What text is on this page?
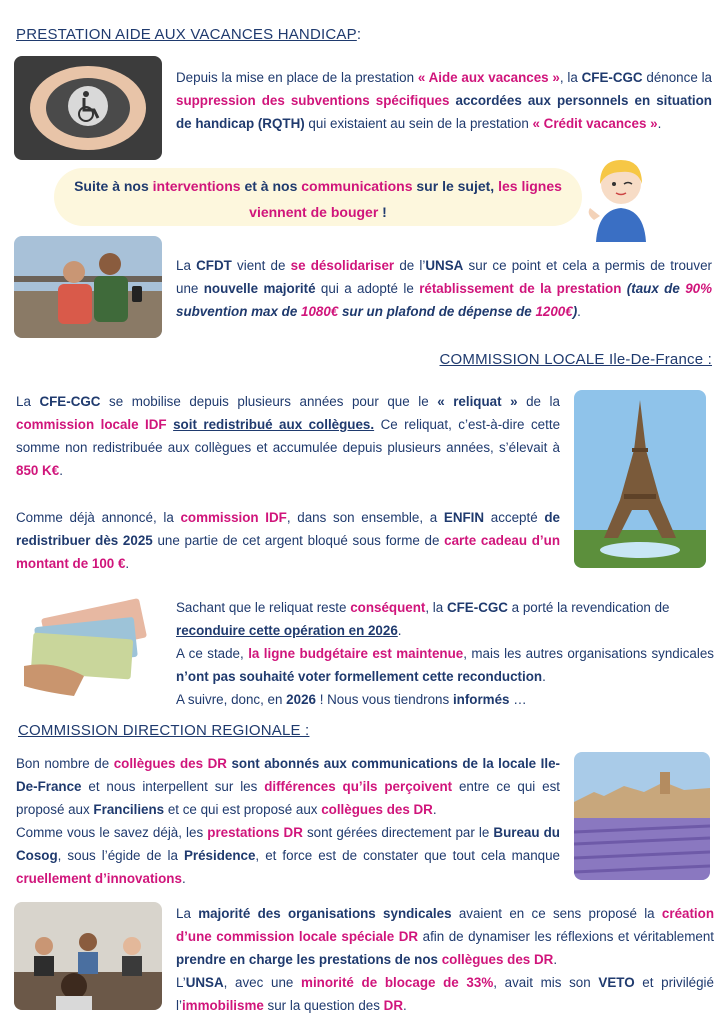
PRESTATION AIDE AUX VACANCES HANDICAP:
Depuis la mise en place de la prestation « Aide aux vacances », la CFE-CGC dénonce la suppression des subventions spécifiques accordées aux personnels en situation de handicap (RQTH) qui existaient au sein de la prestation « Crédit vacances ».
Suite à nos interventions et à nos communications sur le sujet, les lignes viennent de bouger !
La CFDT vient de se désolidariser de l’UNSA sur ce point et cela a permis de trouver une nouvelle majorité qui a adopté le rétablissement de la prestation (taux de 90% subvention max de 1080€ sur un plafond de dépense de 1200€).
COMMISSION LOCALE Ile-De-France :
La CFE-CGC se mobilise depuis plusieurs années pour que le « reliquat » de la commission locale IDF soit redistribué aux collègues. Ce reliquat, c’est-à-dire cette somme non redistribuée aux collègues et accumulée depuis plusieurs années, s’élevait à 850 K€.
Comme déjà annoncé, la commission IDF, dans son ensemble, a ENFIN accepté de redistribuer dès 2025 une partie de cet argent bloqué sous forme de carte cadeau d’un montant de 100 €.
Sachant que le reliquat reste conséquent, la CFE-CGC a porté la revendication de
reconduire cette opération en 2026.
A ce stade, la ligne budgétaire est maintenue, mais les autres organisations syndicales n’ont pas souhaité voter formellement cette reconduction.
A suivre, donc, en 2026 ! Nous vous tiendrons informés …
COMMISSION DIRECTION REGIONALE :
Bon nombre de collègues des DR sont abonnés aux communications de la locale Ile-De-France et nous interpellent sur les différences qu’ils perçoivent entre ce qui est proposé aux Franciliens et ce qui est proposé aux collègues des DR.
Comme vous le savez déjà, les prestations DR sont gérées directement par le Bureau du Cosog, sous l’égide de la Présidence, et force est de constater que tout cela manque cruellement d’innovations.
La majorité des organisations syndicales avaient en ce sens proposé la création d’une commission locale spéciale DR afin de dynamiser les réflexions et véritablement prendre en charge les prestations de nos collègues des DR.
L’UNSA, avec une minorité de blocage de 33%, avait mis son VETO et privilégié l’immobilisme sur la question des DR.
